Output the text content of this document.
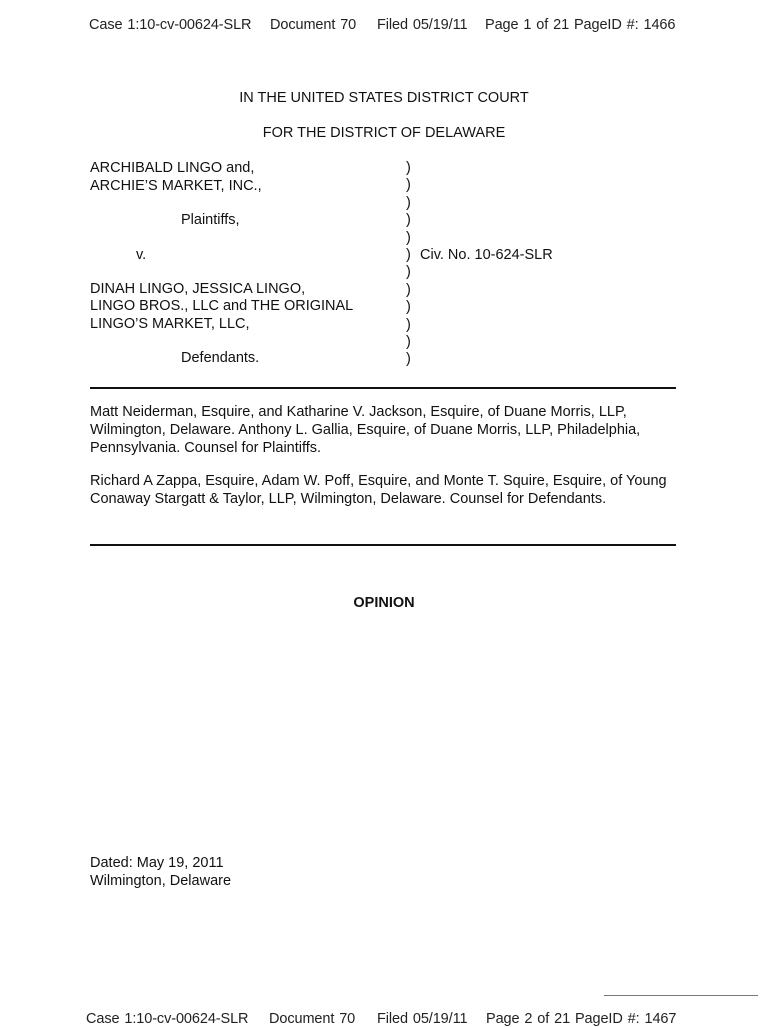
Case 1:10-cv-00624-SLR Document 70 Filed 05/19/11 Page 1 of 21 PageID #: 1466
IN THE UNITED STATES DISTRICT COURT
FOR THE DISTRICT OF DELAWARE
ARCHIBALD LINGO and,
ARCHIE’S MARKET, INC.,
Plaintiffs,
v.
DINAH LINGO, JESSICA LINGO,
LINGO BROS., LLC and THE ORIGINAL
LINGO’S MARKET, LLC,
Defendants.
)
)
)
)
)
)
)
)
)
)
)
)
Civ. No. 10-624-SLR
Matt Neiderman, Esquire, and Katharine V. Jackson, Esquire, of Duane Morris, LLP, Wilmington, Delaware. Anthony L. Gallia, Esquire, of Duane Morris, LLP, Philadelphia, Pennsylvania. Counsel for Plaintiffs.
Richard A Zappa, Esquire, Adam W. Poff, Esquire, and Monte T. Squire, Esquire, of Young Conaway Stargatt & Taylor, LLP, Wilmington, Delaware. Counsel for Defendants.
OPINION
Dated: May 19, 2011
Wilmington, Delaware
Case 1:10-cv-00624-SLR Document 70 Filed 05/19/11 Page 2 of 21 PageID #: 1467
